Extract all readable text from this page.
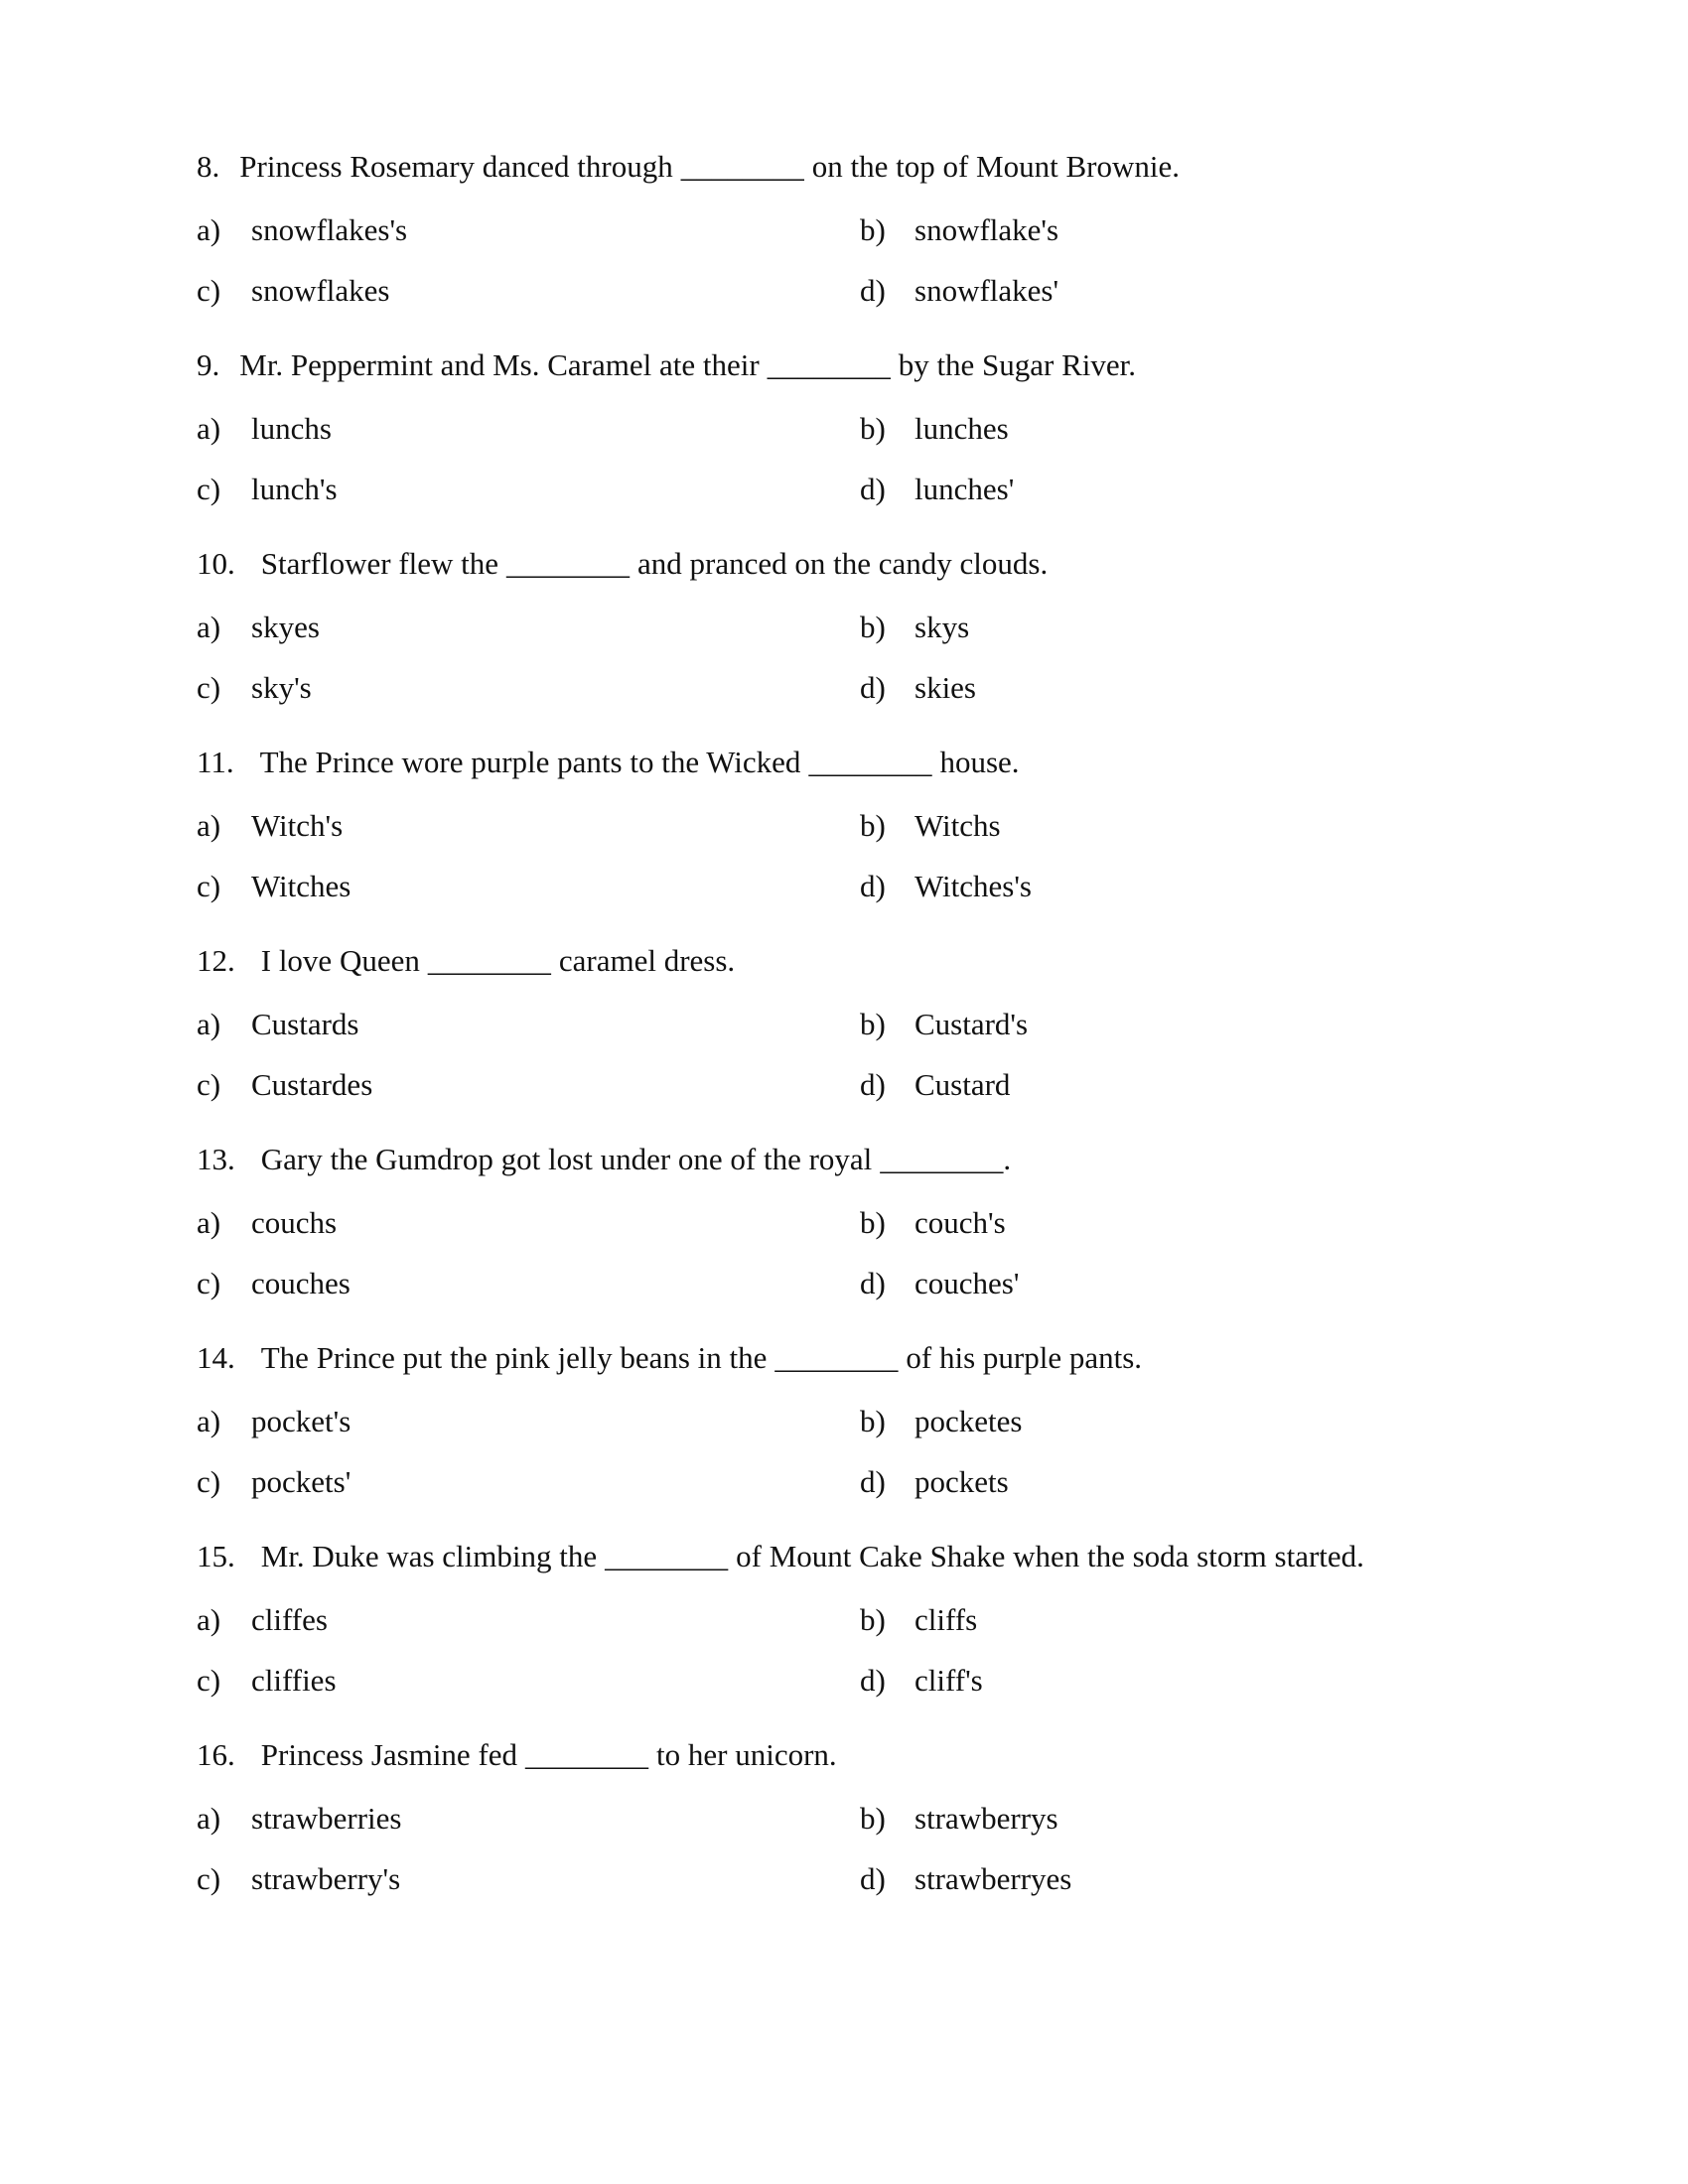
8. Princess Rosemary danced through ________ on the top of Mount Brownie.
a) snowflakes's	b) snowflake's
c) snowflakes	d) snowflakes'
9. Mr. Peppermint and Ms. Caramel ate their ________ by the Sugar River.
a) lunchs	b) lunches
c) lunch's	d) lunches'
10. Starflower flew the ________ and pranced on the candy clouds.
a) skyes	b) skys
c) sky's	d) skies
11. The Prince wore purple pants to the Wicked ________ house.
a) Witch's	b) Witchs
c) Witches	d) Witches's
12. I love Queen ________ caramel dress.
a) Custards	b) Custard's
c) Custardes	d) Custard
13. Gary the Gumdrop got lost under one of the royal ________.
a) couchs	b) couch's
c) couches	d) couches'
14. The Prince put the pink jelly beans in the ________ of his purple pants.
a) pocket's	b) pocketes
c) pockets'	d) pockets
15. Mr. Duke was climbing the ________ of Mount Cake Shake when the soda storm started.
a) cliffes	b) cliffs
c) cliffies	d) cliff's
16. Princess Jasmine fed ________ to her unicorn.
a) strawberries	b) strawberrys
c) strawberry's	d) strawberryes
